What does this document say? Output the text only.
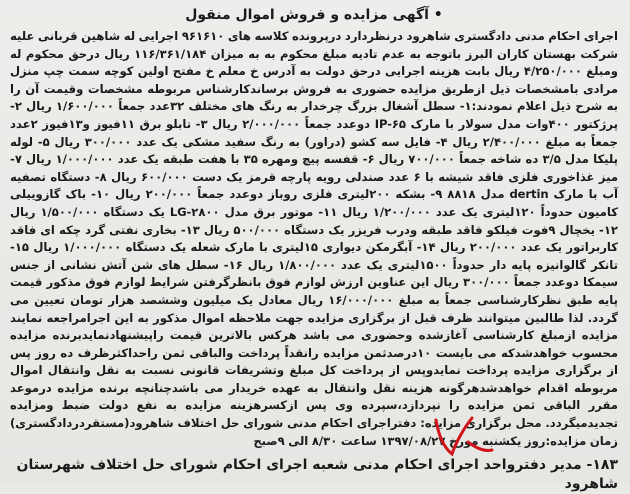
• آگهی مزایده و فروش اموال منقول
اجرای احکام مدنی دادگستری شاهرود درنظردارد درپرونده کلاسه های ۹۶۱۶۱۰ اجرایی له شاهین قربانی علیه شرکت بهستان کاران البرز باتوجه به عدم تادیه مبلغ محکوم به به میزان ۱۱۶/۳۶۱/۱۸۴ ریال درحق محکوم له ومبلغ ۴/۲۵۰/۰۰۰ ریال بابت هزینه اجرایی درحق دولت به آدرس خ معلم خ مفتح اولین کوچه سمت چپ منزل مرادی بامشخصات ذیل ازطریق مزایده حضوری به فروش برساندکارشناس مربوطه مشخصات وقیمت آن را به شرح ذیل اعلام نمودند:۱- سطل آشغال بزرگ چرخدار به رنگ های مختلف ۳۲عدد جمعاً ۱/۶۰۰/۰۰۰ ریال ۲- پرژکتور ۴۰۰وات مدل سولار با مارک IP-۶۵ دوعدد جمعاً ۲/۰۰۰/۰۰۰ ریال ۳- تابلو برق ۱۱فیوز و۱۳فیوز ۲عدد جمعاً به مبلغ ۲/۴۰۰/۰۰۰ ریال ۴- فایل سه کشو (دراور) به رنگ سفید مشکی یک عدد ۳۰۰/۰۰۰ ریال ۵- لوله پلیکا مدل ۳/۵ ده شاخه جمعاً ۷۰۰/۰۰۰ ریال ۶- قفسه پیچ ومهره ۳۵ با هفت طبقه یک عدد ۱/۰۰۰/۰۰۰ ریال ۷- میز غذاخوری فلزی فاقد شیشه با ۶ عدد صندلی رویه پارچه قرمز یک دست ۶۰۰/۰۰۰ ریال ۸- دستگاه تصفیه آب با مارک dertin مدل ۸۸۱۸ ۹- بشکه ۲۰۰لیتری فلزی روباز دوعدد جمعاً ۲۰۰/۰۰۰ ریال ۱۰- باک گازوییلی کامیون حدوداً ۱۲۰لیتری یک عدد ۱/۲۰۰/۰۰۰ ریال ۱۱- موتور برق مدل LG-۲۸۰۰ یک دستگاه ۱/۵۰۰/۰۰۰ ریال ۱۲- یخچال ۹فوت فیلکو فاقد طبقه ودرب فریزر یک دستگاه ۵۰۰/۰۰۰ ریال ۱۳- بخاری نفتی گرد چکه ای فاقد کاربراتور یک عدد ۲۰۰/۰۰۰ ریال ۱۴- آبگرمکن دیواری ۱۵لیتری با مارک شعله یک دستگاه ۱/۰۰۰/۰۰۰ ریال ۱۵- تانکر گالوانیزه پایه دار حدوداً ۱۵۰۰لیتری یک عدد ۱/۸۰۰/۰۰۰ ریال ۱۶- سطل های شن آتش نشانی از جنس سیمکا دوعدد جمعاً ۳۰۰/۰۰۰ ریال این عناوین ارزش لوازم فوق بانظرگرفتن شرایط لوازم فوق مذکور قیمت پایه طبق نظرکارشناسی جمعاً به مبلغ ۱۶/۰۰۰/۰۰۰ ریال معادل یک میلیون وششصد هزار تومان تعیین می گردد. لذا طالبین میتوانند ظرف قبل از برگزاری مزایده جهت ملاحظه اموال مذکور به این اجرامراجعه نمایند مزایده ازمبلغ کارشناسی آغازشده وحضوری می باشد هرکس بالاترین قیمت راپیشنهادنمایدبرنده مزایده محسوب خواهدشدکه می بایست ۱۰درصدثمن مزایده رانقداً پرداخت والباقی ثمن راحداکثرظرف ده روز پس از برگزاری مزایده پرداخت نمایدوپس از پرداخت کل مبلغ وتشریفات قانونی نسبت به نقل وانتقال اموال مربوطه اقدام خواهدشدهرگونه هزینه نقل وانتقال به عهده خریدار می باشدچنانچه برنده مزایده درموعد مقرر الباقی ثمن مزایده را نپردازد،سپرده وی پس ازکسرهزینه مزایده به نفع دولت ضبط ومزایده تجدیدمیگردد. محل برگزاری مزایده: دفتراجرای احکام مدنی شورای حل اختلاف شاهرود(مستقردردادگستری) زمان مزایده:روز یکشنبه مورخ ۱۳۹۷/۰۸/۲۷ ساعت ۸/۳۰ الی ۹صبح
۱۸۳- مدیر دفترواحد اجرای احکام مدنی شعبه اجرای احکام شورای حل اختلاف شهرستان شاهرود
